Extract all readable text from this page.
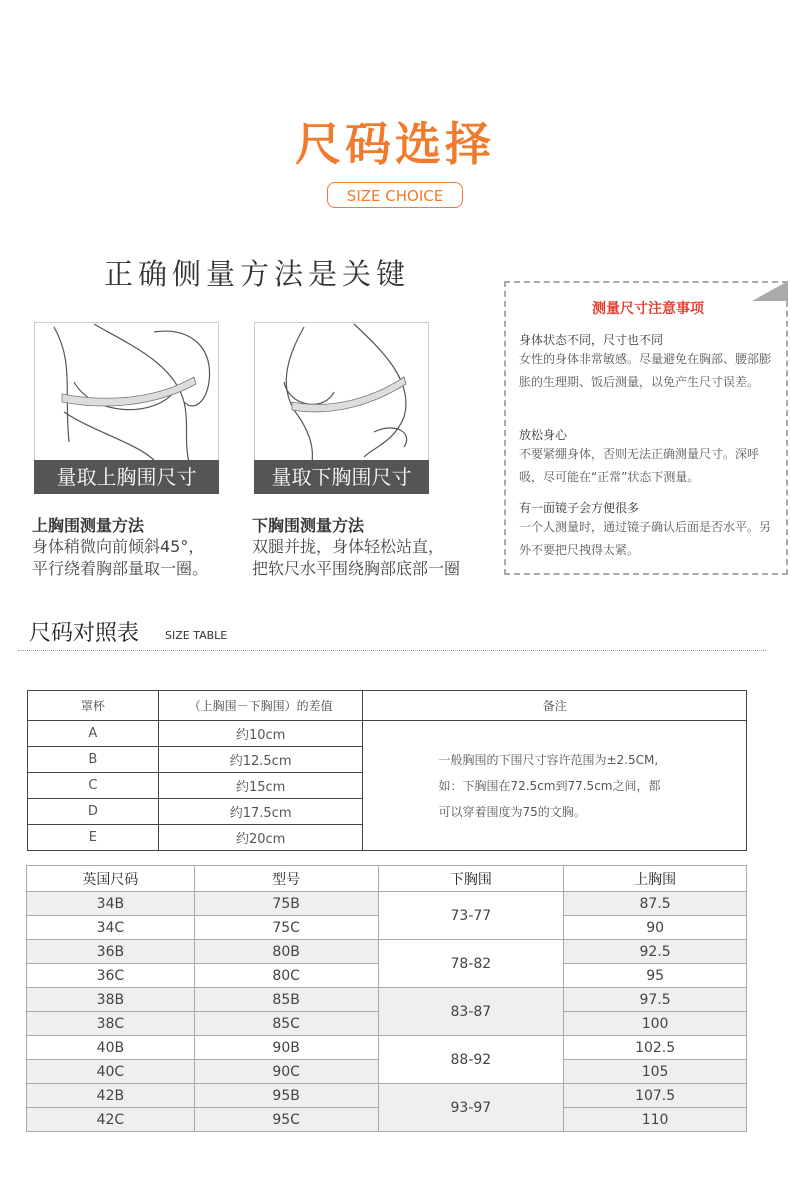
尺码选择
SIZE CHOICE
正确侧量方法是关键
量取上胸围尺寸	量取下胸围尺寸
上胸围测量方法
身体稍微向前倾斜45°，
平行绕着胸部量取一圈。
下胸围测量方法
双腿并拢，身体轻松站直，
把软尺水平围绕胸部底部一圈
测量尺寸注意事项
身体状态不同，尺寸也不同
女性的身体非常敏感。尽量避免在胸部、腰部膨胀的生理期、饭后测量，以免产生尺寸误差。
放松身心
不要紧绷身体，否则无法正确测量尺寸。深呼吸，尽可能在“正常”状态下测量。
有一面镜子会方便很多
一个人测量时，通过镜子确认后面是否水平。另外不要把尺拽得太紧。
尺码对照表 SIZE TABLE
罩杯	（上胸围－下胸围）的差值	备注
A	约10cm	一般胸围的下围尺寸容许范围为±2.5CM,
如：下胸围在72.5cm到77.5cm之间，都
可以穿着围度为75的文胸。

B	约12.5cm	
C	约15cm	
D	约17.5cm	
E	约20cm	
英国尺码	型号	下胸围	上胸围
34B	75B	73-77	87.5
34C	75C		90
36B	80B	78-82	92.5
36C	80C		95
38B	85B	83-87	97.5
38C	85C		100
40B	90B	88-92	102.5
40C	90C		105
42B	95B	93-97	107.5
42C	95C		110
